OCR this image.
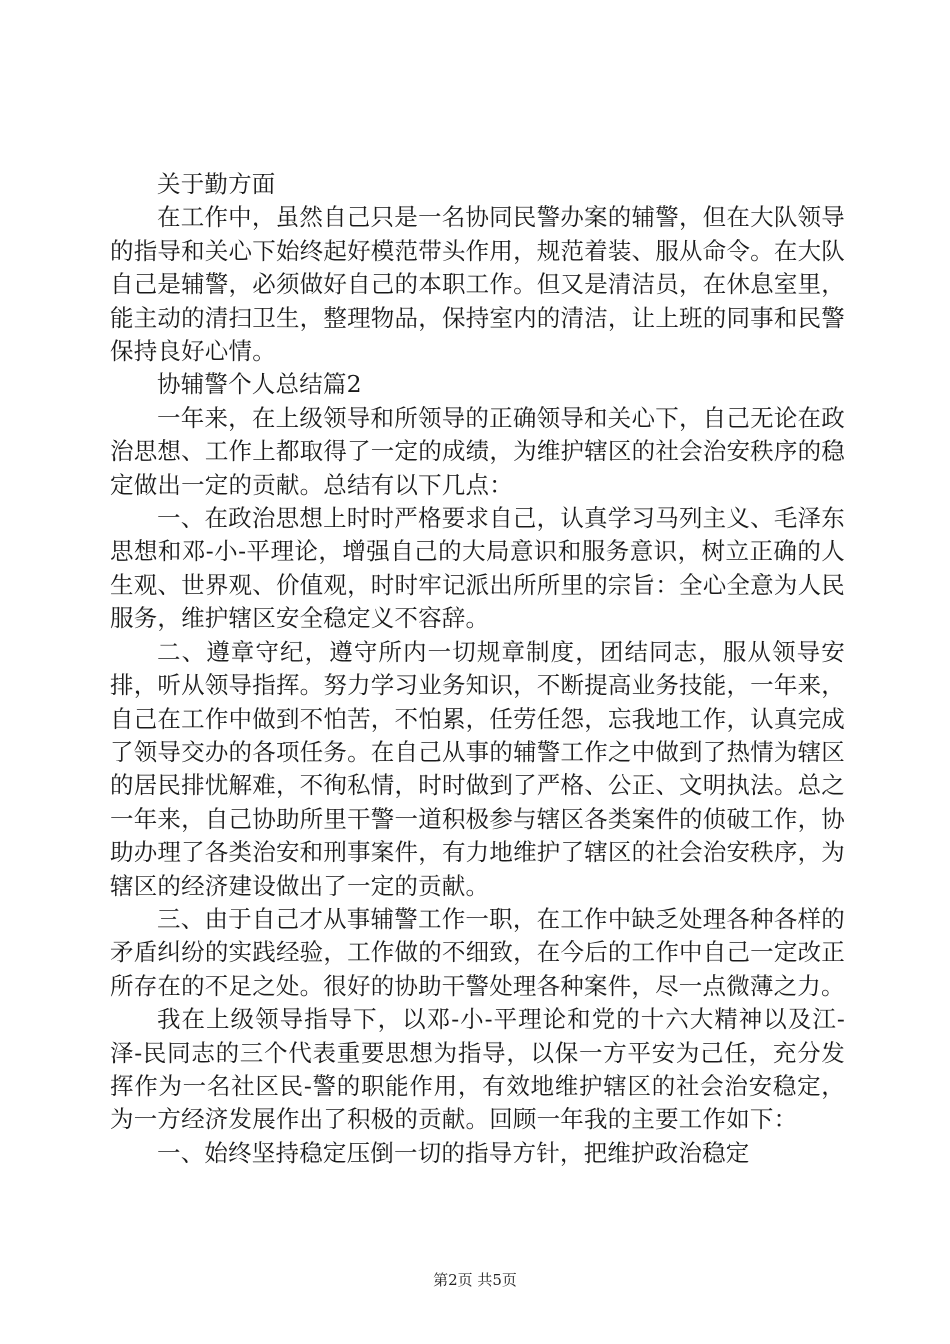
关于勤方面

在工作中，虽然自己只是一名协同民警办案的辅警，但在大队领导的指导和关心下始终起好模范带头作用，规范着装、服从命令。在大队自己是辅警，必须做好自己的本职工作。但又是清洁员，在休息室里，能主动的清扫卫生，整理物品，保持室内的清洁，让上班的同事和民警保持良好心情。

协辅警个人总结篇2

一年来，在上级领导和所领导的正确领导和关心下，自己无论在政治思想、工作上都取得了一定的成绩，为维护辖区的社会治安秩序的稳定做出一定的贡献。总结有以下几点：

一、在政治思想上时时严格要求自己，认真学习马列主义、毛泽东思想和邓-小-平理论，增强自己的大局意识和服务意识，树立正确的人生观、世界观、价值观，时时牢记派出所所里的宗旨：全心全意为人民服务，维护辖区安全稳定义不容辞。

二、遵章守纪，遵守所内一切规章制度，团结同志，服从领导安排，听从领导指挥。努力学习业务知识，不断提高业务技能，一年来，自己在工作中做到不怕苦，不怕累，任劳任怨，忘我地工作，认真完成了领导交办的各项任务。在自己从事的辅警工作之中做到了热情为辖区的居民排忧解难，不徇私情，时时做到了严格、公正、文明执法。总之一年来，自己协助所里干警一道积极参与辖区各类案件的侦破工作，协助办理了各类治安和刑事案件，有力地维护了辖区的社会治安秩序，为辖区的经济建设做出了一定的贡献。

三、由于自己才从事辅警工作一职，在工作中缺乏处理各种各样的矛盾纠纷的实践经验，工作做的不细致，在今后的工作中自己一定改正所存在的不足之处。很好的协助干警处理各种案件，尽一点微薄之力。

我在上级领导指导下，以邓-小-平理论和党的十六大精神以及江-泽-民同志的三个代表重要思想为指导，以保一方平安为己任，充分发挥作为一名社区民-警的职能作用，有效地维护辖区的社会治安稳定，为一方经济发展作出了积极的贡献。回顾一年我的主要工作如下：

一、始终坚持稳定压倒一切的指导方针，把维护政治稳定

第2页 共5页
